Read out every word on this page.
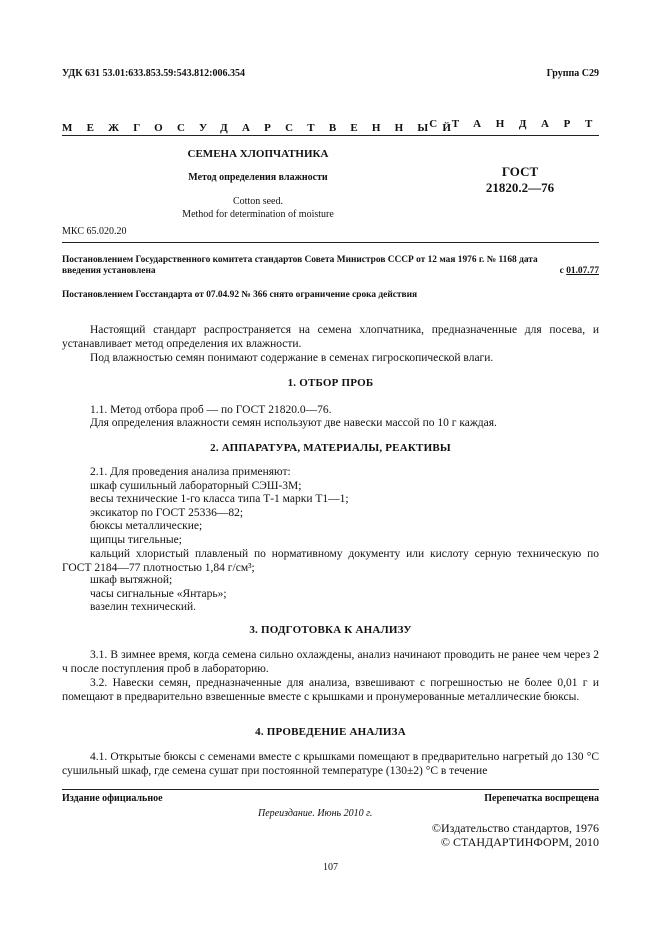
УДК 631 53.01:633.853.59:543.812:006.354	Группа С29
МЕЖГОСУДАРСТВЕННЫЙ
СТАНДАРТ
СЕМЕНА ХЛОПЧАТНИКА
Метод определения влажности
Cotton seed.
Method for determination of moisture
ГОСТ
21820.2—76
МКС 65.020.20
Постановлением Государственного комитета стандартов Совета Министров СССР от 12 мая 1976 г. № 1168 дата
введения установлена	с 01.07.77
Постановлением Госстандарта от 07.04.92 № 366 снято ограничение срока действия
Настоящий стандарт распространяется на семена хлопчатника, предназначенные для посева, и устанавливает метод определения их влажности.
Под влажностью семян понимают содержание в семенах гигроскопической влаги.
1. ОТБОР ПРОБ
1.1. Метод отбора проб — по ГОСТ 21820.0—76.
Для определения влажности семян используют две навески массой по 10 г каждая.
2. АППАРАТУРА, МАТЕРИАЛЫ, РЕАКТИВЫ
2.1. Для проведения анализа применяют:
шкаф сушильный лабораторный СЭШ-3М;
весы технические 1-го класса типа Т-1 марки Т1—1;
эксикатор по ГОСТ 25336—82;
бюксы металлические;
щипцы тигельные;
кальций хлористый плавленый по нормативному документу или кислоту серную техническую по ГОСТ 2184—77 плотностью 1,84 г/см³;
шкаф вытяжной;
часы сигнальные «Янтарь»;
вазелин технический.
3. ПОДГОТОВКА К АНАЛИЗУ
3.1. В зимнее время, когда семена сильно охлаждены, анализ начинают проводить не ранее чем через 2 ч после поступления проб в лабораторию.
3.2. Навески семян, предназначенные для анализа, взвешивают с погрешностью не более 0,01 г и помещают в предварительно взвешенные вместе с крышками и пронумерованные металлические бюксы.
4. ПРОВЕДЕНИЕ АНАЛИЗА
4.1. Открытые бюксы с семенами вместе с крышками помещают в предварительно нагретый до 130 °С сушильный шкаф, где семена сушат при постоянной температуре (130±2) °С в течение
Издание официальное	Перепечатка воспрещена
Переиздание. Июнь 2010 г.
©Издательство стандартов, 1976
© СТАНДАРТИНФОРМ, 2010
107
